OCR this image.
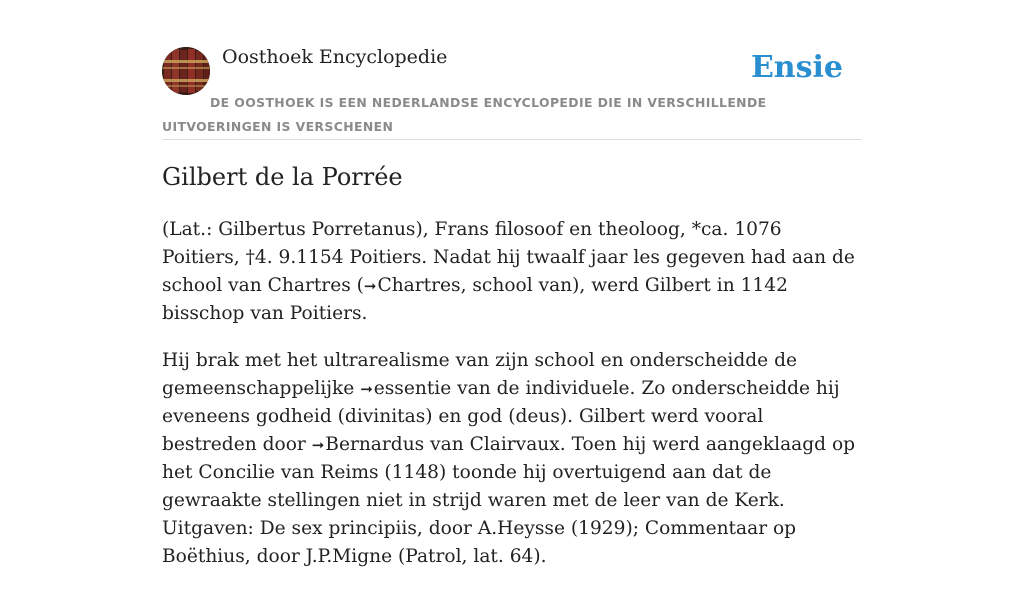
Oosthoek Encyclopedie	Ensie

DE OOSTHOEK IS EEN NEDERLANDSE ENCYCLOPEDIE DIE IN VERSCHILLENDE UITVOERINGEN IS VERSCHENEN

Gilbert de la Porrée

(Lat.: Gilbertus Porretanus), Frans filosoof en theoloog, *ca. 1076 Poitiers, †4. 9.1154 Poitiers. Nadat hij twaalf jaar les gegeven had aan de school van Chartres (➞Chartres, school van), werd Gilbert in 1142 bisschop van Poitiers.

Hij brak met het ultrarealisme van zijn school en onderscheidde de gemeenschappelijke ➞essentie van de individuele. Zo onderscheidde hij eveneens godheid (divinitas) en god (deus). Gilbert werd vooral bestreden door ➞Bernardus van Clairvaux. Toen hij werd aangeklaagd op het Concilie van Reims (1148) toonde hij overtuigend aan dat de gewraakte stellingen niet in strijd waren met de leer van de Kerk. Uitgaven: De sex principiis, door A.Heysse (1929); Commentaar op Boëthius, door J.P.Migne (Patrol, lat. 64).
